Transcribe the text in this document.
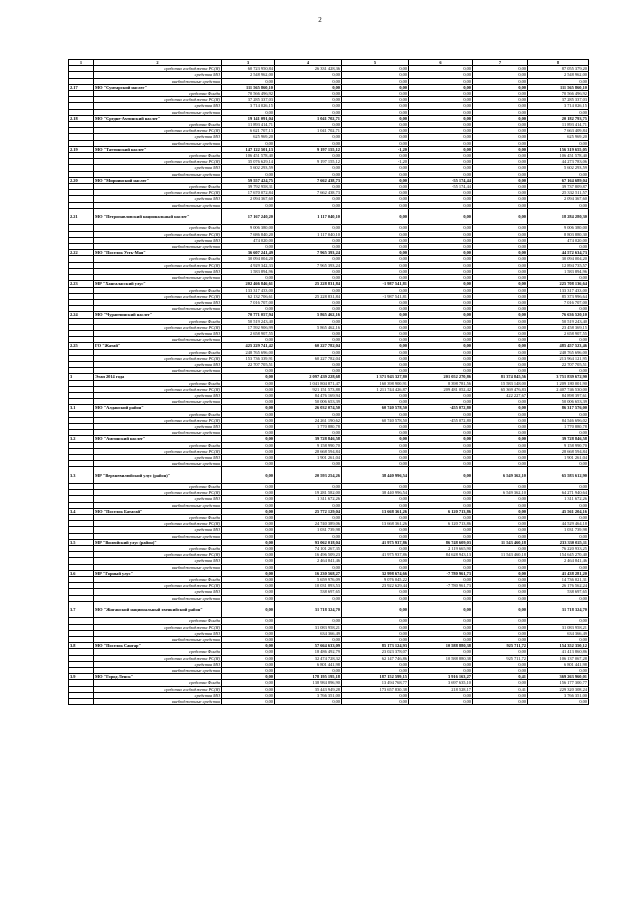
2
1	2	3	4	5	6	7	8
	средства госбюджета РС(Я)	60 723 950,84	26 331 428,36	0,00	0,00	0,00	87 055 379,20
	средства МО	2 548 962,00	0,00	0,00	0,00	0,00	2 548 962,00
	внебюджетные средства	0,00	0,00	0,00	0,00	0,00	0,00
2.17	МО "Сунтарский наслег"	111 565 860,10	0,00	0,00	0,00	0,00	111 565 860,10
	средства Фонда	70 566 496,92	0,00	0,00	0,00	0,00	70 566 496,92
	средства госбюджета РС(Я)	37 285 337,03	0,00	0,00	0,00	0,00	37 285 337,03
	средства МО	3 714 026,15	0,00	0,00	0,00	0,00	3 714 026,15
	внебюджетные средства	0,00	0,00	0,00	0,00	0,00	0,00
2.18	МО "Средне-Ахтинский наслег"	19 141 091,04	1 041 702,71	0,00	0,00	0,00	20 182 793,75
	средства Фонда	11 893 414,71	0,00	0,00	0,00	0,00	11 893 414,71
	средства госбюджета РС(Я)	6 621 707,13	1 041 702,71	0,00	0,00	0,00	7 663 409,84
	средства МО	625 969,20	0,00	0,00	0,00	0,00	625 969,20
	внебюджетные средства	0,00	0,00	0,00	0,00	0,00	0,00
2.19	МО "Таттинский наслег"	147 122 501,13	9 197 155,12	-1,20	0,00	0,00	156 319 655,05
	средства Фонда	106 451 578,40	0,00	0,00	0,00	0,00	106 451 578,40
	средства госбюджета РС(Я)	35 076 629,14	9 197 155,12	-1,20	0,00	0,00	44 273 783,06
	средства МО	5 602 293,59	0,00	0,00	0,00	0,00	5 602 293,59
	внебюджетные средства	0,00	0,00	0,00	0,00	0,00	0,00
2.20	МО "Мирнинский наслег"	59 557 424,75	7 662 438,73	0,00	-55 174,44	0,00	67 164 689,04
	средства Фонда	39 792 958,31	0,00	0,00	-55 174,44	0,00	39 737 809,87
	средства госбюджета РС(Я)	17 670 072,84	7 662 438,73	0,00	0,00	0,00	25 332 511,57
	средства МО	2 094 367,60	0,00	0,00	0,00	0,00	2 094 367,60
	внебюджетные средства	0,00	0,00	0,00	0,00	0,00	0,00
2.21	МО "Петропавловский национальный наслег"	17 167 240,20	1 117 040,10	0,00	0,00	0,00	18 284 280,30
	средства Фонда	9 006 380,00	0,00	0,00	0,00	0,00	9 006 380,00
	средства госбюджета РС(Я)	7 686 840,20	1 117 040,10	0,00	0,00	0,00	8 803 880,30
	средства МО	474 020,00	0,00	0,00	0,00	0,00	474 020,00
	внебюджетные средства	0,00	0,00	0,00	0,00	0,00	0,00
2.22	МО "Поселок Усть-Мая"	36 607 241,49	7 965 393,24	0,00	0,00	0,00	44 572 634,73
	средства Фонда	30 094 004,20	0,00	0,00	0,00	0,00	30 094 004,20
	средства госбюджета РС(Я)	4 929 342,33	7 965 393,24	0,00	0,00	0,00	12 894 735,57
	средства МО	1 583 894,96	0,00	0,00	0,00	0,00	1 583 894,96
	внебюджетные средства	0,00	0,00	0,00	0,00	0,00	0,00
2.23	МР "Хангаласский улус"	202 466 846,61	25 228 831,84	-1 987 541,81	0,00	0,00	225 708 136,64
	средства Фонда	133 317 433,00	0,00	0,00	0,00	0,00	133 317 433,00
	средства госбюджета РС(Я)	62 132 706,61	25 228 831,84	-1 987 541,81	0,00	0,00	85 373 996,64
	средства МО	7 016 707,00	0,00	0,00	0,00	0,00	7 016 707,00
	внебюджетные средства	0,00	0,00	0,00	0,00	0,00	0,00
2.24	МО "Чурапчинский наслег"	70 771 057,94	5 865 462,16	0,00	0,00	0,00	76 636 520,10
	средства Фонда	50 519 243,40	0,00	0,00	0,00	0,00	50 519 243,40
	средства госбюджета РС(Я)	17 592 906,99	5 865 462,16	0,00	0,00	0,00	23 458 369,15
	средства МО	2 658 907,55	0,00	0,00	0,00	0,00	2 658 907,55
	внебюджетные средства	0,00	0,00	0,00	0,00	0,00	0,00
2.25	ГО "Жатай"	425 229 741,42	60 227 782,04	0,00	0,00	0,00	485 457 523,46
	средства Фонда	248 765 696,00	0,00	0,00	0,00	0,00	248 765 696,00
	средства госбюджета РС(Я)	153 736 339,91	60 227 782,04	0,00	0,00	0,00	213 964 121,95
	средства МО	22 707 705,51	0,00	0,00	0,00	0,00	22 707 705,51
	внебюджетные средства	0,00	0,00	0,00	0,00	0,00	0,00
3	Этап 2014 года	0,00	2 097 439 228,68	1 371 943 327,80	201 052 270,86	81 374 845,56	3 751 839 672,90
	средства Фонда	0,00	1 041 804 871,47	160 398 900,91	8 398 781,56	15 583 148,00	1 209 180 001,90
	средства госбюджета РС(Я)	0,00	921 151 573,88	1 211 744 426,87	209 481 052,42	65 369 476,83	2 407 746 530,00
	средства МО	0,00	84 476 169,94	0,00	0,00	422 227,67	84 898 397,61
	внебюджетные средства	0,00	50 006 653,39	0,00	0,00	0,00	50 006 653,39
3.1	МО "Алданский район"	0,00	26 032 074,50	60 740 578,50	-455 072,80	0,00	86 317 576,00
	средства Фонда	0,00	0,00	0,00	0,00	0,00	0,00
	средства госбюджета РС(Я)	0,00	24 261 190,62	60 740 578,50	-455 072,80	0,00	84 546 696,02
	средства МО	0,00	1 770 880,78	0,00	0,00	0,00	1 770 880,78
	внебюджетные средства	0,00	0,00	0,00	0,00	0,00	0,00
3.2	МО "Амгинский наслег"	0,00	39 728 846,58	0,00	0,00	0,00	39 728 846,58
	средства Фонда	0,00	9 158 990,70	0,00	0,00	0,00	9 158 990,70
	средства госбюджета РС(Я)	0,00	28 668 594,84	0,00	0,00	0,00	28 668 594,84
	средства МО	0,00	1 901 261,04	0,00	0,00	0,00	1 901 261,04
	внебюджетные средства	0,00	0,00	0,00	0,00	0,00	0,00
3.3	МР "Верхневилюйский улус (район)"	0,00	20 593 254,26	38 440 996,54	0,00	6 549 362,10	65 583 612,90
	средства Фонда	0,00	0,00	0,00	0,00	0,00	0,00
	средства госбюджета РС(Я)	0,00	19 281 582,00	38 440 996,54	0,00	6 549 362,10	64 271 940,64
	средства МО	0,00	1 311 672,26	0,00	0,00	0,00	1 311 672,26
	внебюджетные средства	0,00	0,00	0,00	0,00	0,00	0,00
3.4	МО "Поселок Батагай"	0,00	25 772 129,04	13 668 361,26	6 120 713,86	0,00	45 561 204,16
	средства Фонда	0,00	0,00	0,00	0,00	0,00	0,00
	средства госбюджета РС(Я)	0,00	24 740 389,06	13 668 361,26	6 120 713,86	0,00	44 529 464,18
	средства МО	0,00	1 031 739,98	0,00	0,00	0,00	1 031 739,98
	внебюджетные средства	0,00	0,00	0,00	0,00	0,00	0,00
3.5	МР "Вилюйский улус (район)"	0,00	93 062 018,04	41 975 937,86	86 748 609,03	11 543 460,18	233 330 025,11
	средства Фонда	0,00	74 101 267,35	0,00	2 119 665,90	0,00	76 220 933,25
	средства госбюджета РС(Я)	0,00	16 496 509,23	41 975 937,86	84 628 943,13	11 543 460,18	154 645 270,40
	средства МО	0,00	2 464 841,46	0,00	0,00	0,00	2 464 841,46
	внебюджетные средства	0,00	0,00	0,00	0,00	0,00	0,00
3.6	МР "Горный улус"	0,00	16 230 568,27	32 998 674,66	-7 780 961,73	0,00	41 438 281,20
	средства Фонда	0,00	5 659 976,09	9 076 045,22	0,00	0,00	14 736 021,31
	средства госбюджета РС(Я)	0,00	10 031 893,53	23 922 629,44	-7 780 961,73	0,00	26 176 562,24
	средства МО	0,00	538 697,65	0,00	0,00	0,00	538 697,65
	внебюджетные средства	0,00	0,00	0,00	0,00	0,00	0,00
3.7	МО "Жиганский национальный эвенкийский район"	0,00	31 718 324,70	0,00	0,00	0,00	31 718 324,70
	средства Фонда	0,00	0,00	0,00	0,00	0,00	0,00
	средства госбюджета РС(Я)	0,00	31 083 958,21	0,00	0,00	0,00	31 083 958,21
	средства МО	0,00	634 366,49	0,00	0,00	0,00	634 366,49
	внебюджетные средства	0,00	0,00	0,00	0,00	0,00	0,00
3.8	МО "Поселок Сангар"	0,00	57 664 633,09	85 173 124,93	10 588 880,38	925 711,72	154 352 350,12
	средства Фонда	0,00	18 486 492,79	23 023 378,07	0,00	0,00	41 413 860,86
	средства госбюджета РС(Я)	0,00	32 474 728,32	62 147 746,86	10 588 880,38	925 711,72	106 137 067,28
	средства МО	0,00	6 801 441,98	0,00	0,00	0,00	6 801 441,98
	внебюджетные средства	0,00	0,00	0,00	0,00	0,00	0,00
3.9	МО "Город Ленск"	0,00	178 195 195,18	187 152 599,15	3 916 163,27	0,41	369 263 960,01
	средства Фонда	0,00	138 984 896,90	13 494 768,77	3 697 635,10	0,00	156 177 300,77
	средства госбюджета РС(Я)	0,00	35 443 949,28	173 657 830,38	218 528,17	0,41	229 320 308,24
	средства МО	0,00	3 766 351,00	0,00	0,00	0,00	3 766 351,00
	внебюджетные средства	0,00	0,00	0,00	0,00	0,00	0,00
